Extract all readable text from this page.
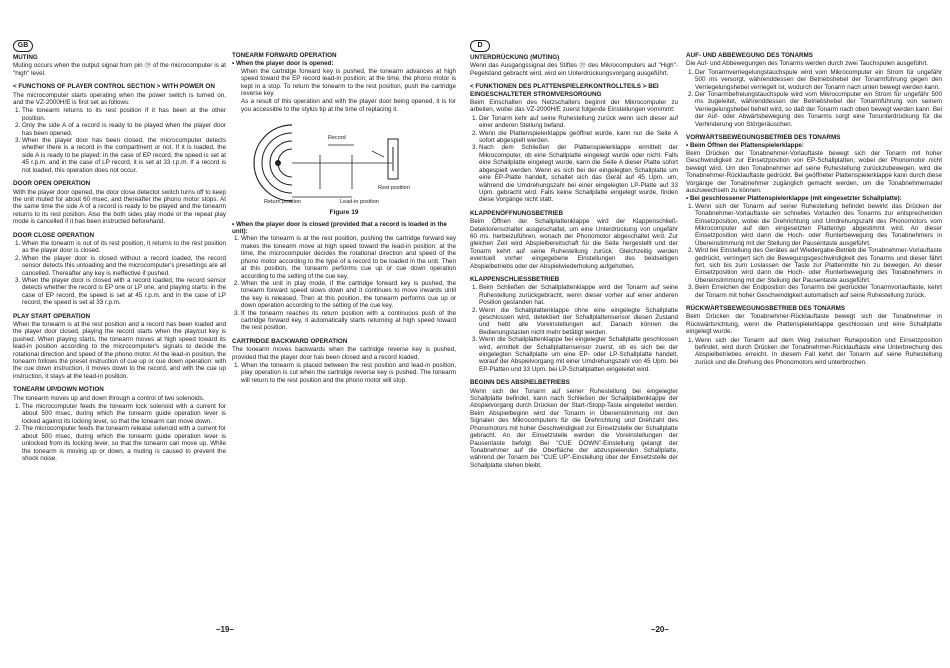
GB	D
MUTING

Muting occurs when the output signal from pin ㊴ of the microcomputer is at "high" level.

< FUNCTIONS OF PLAYER CONTROL SECTION > WITH POWER ON

The microcomputer starts operating when the power switch is turned on, and the VZ-2000H/E is first set as follows:

1. The tonearm returns to its rest position if it has been at the other position.
2. Only the side A of a record is ready to be played when the player door has been opened.
3. When the player door has been closed, the microcomputer detects whether there is a record in the compartment or not. If it is loaded, the side A is ready to be played: in the case of EP record, the speed is set at 45 r.p.m. and in the case of LP record, it is set at 33 r.p.m. If a record is not loaded, this operation does not occur.
DOOR OPEN OPERATION

With the player door opened, the door close detector switch turns off to keep the unit muted for about 60 msec, and thereafter the phono motor stops. At the same time the side A of a record is ready to be played and the tonearm returns to its rest position. Also the both sides play mode or the repeat play mode is cancelled if it has been instructed beforehand.

DOOR CLOSE OPERATION
1. When the tonearm is out of its rest position, it returns to the rest position as the player door is closed.
2. When the player door is closed without a record loaded, the record sensor detects this unloading and the microcomputer's presettings are all cancelled. Thereafter any key is ineffective if pushed.
3. When the player door is closed with a record loaded, the record sensor detects whether the record is EP one or LP one, and playing starts: in the case of EP record, the speed is set at 45 r.p.m. and in the case of LP record, the speed is set at 33 r.p.m.
PLAY START OPERATION

When the tonearm is at the rest position and a record has been loaded and the player door closed, playing the record starts when the play/cut key is pushed. When playing starts, the tonearm moves at high speed toward its lead-in position according to the microcomputer's signals to decide the rotational direction and speed of the phono motor. At the lead-in position, the tonearm follows the preset instruction of cue up or cue down operation: with the cue down instruction, it moves down to the record, and with the cue up instruction, it stays at the lead-in position.

TONEARM UP/DOWN MOTION

The tonearm moves up and down through a control of two solenoids.

1. The microcomputer feeds the tonearm lock solenoid with a current for about 500 msec, during which the tonearm guide operation lever is locked against its locking lever, so that the tonearm can move down.
2. The microcomputer feeds the tonearm release solenoid with a current for about 500 msec, during which the tonearm guide operation lever is unlocked from its locking lever, so that the tonearm can move up. While the tonearm is moving up or down, a muting is caused to prevent the shock noise.
TONEARM FORWARD OPERATION
• When the player door is opened:

When the cartridge forward key is pushed, the tonearm advances at high speed toward the EP record lead-in position; at the time, the phono motor is kept in a stop. To return the tonearm to the rest position, push the cartridge reverse key.

As a result of this operation and with the player door being opened, it is for you accessible to the stylus tip at the time of replacing it.

Record
Rest position
Return position	Lead-in position
Figure 19
• When the player door is closed (provided that a record is loaded in the unit):
1. When the tonearm is at the rest position, pushing the cartridge forward key makes the tonearm move at high speed toward the lead-in position: at the time, the microcomputer decides the rotational direction and speed of the phono motor according to the type of a record to be loaded in the unit. Then at this position, the tonearm performs cue up or cue down operation according to the setting of the cue key.
2. When the unit in play mode, if the cartridge forward key is pushed, the tonearm forward speed slows down and it continues to move inwards until the key is released. Then at this position, the tonearm performs cue up or down operation according to the setting of the cue key.
3. If the tonearm reaches its return position with a continuous push of the cartridge forward key, it automatically starts returning at high speed toward the rest position.
CARTRIDGE BACKWARD OPERATION

The tonearm moves backwards when the cartridge reverse key is pushed, provided that the player door has been closed and a record loaded.

1. When the tonearm is placed between the rest position and lead-in position, play operation is cut when the cartridge reverse key is pushed. The tonearm will return to the rest position and the phono motor will stop.
UNTERDRÜCKUNG (MUTING)

Wenn das Ausgangssignal des Stiftes ㊴ des Mikrocomputers auf "High"-Pegelstand gebracht wird, wird ein Unterdrückungsvorgang ausgeführt.

< FUNKTIONEN DES PLATTENSPIELERKONTROLLTEILS > BEI EINGESCHALTETER STROMVERSORGUNG

Beim Einschalten des Netzschalters beginnt der Mikrocomputer zu arbeiten, wobei das VZ-2000H/E zuerst folgende Einstellungen vornimmt:

1. Der Tonarm kehr auf seine Ruhestellung zurück wenn sich dieser auf einer anderen Stellung befand.
2. Wenn die Plattenspielerklappe geöffnet wurde, kann nur die Seite A sofort abgespielt werden.
3. Nach dem Schließen der Plattenspielerklappe ermittelt der Mikrocomputer, ob eine Schallplatte eingelegt wurde oder nicht. Falls eine Schallplatte eingelegt wurde, kann die Seite A dieser Platte sofort abgespielt werden. Wenn es sich bei der eingelegten Schallplatte um eine EP-Platte handelt, schaltet sich das Gerät auf 45 Upm. um, während die Umdrehungszahl bei einer eingelegten LP-Platte auf 33 Upm. gebracht wird. Falls keine Schallplatte eingelegt wurde, finden diese Vorgänge nicht statt.
KLAPPENÖFFNUNGSBETRIEB

Beim Öffnen der Schallplattenklappe wird der Klappenschließ-Detektorenschalter ausgeschaltet, um eine Unterdrückung von ungefähr 60 ms. herbeizuführen, wonach der Phonomotor abgeschaltet wird. Zur gleichen Zeit wird Abspielbereitschaft für die Seite hergestellt und der Tonarm kehrt auf seine Ruhestellung zurück. Gleichzeitig werden eventuell vorher eingegebene Einstellungen des beidseitigen Abspielbetriebs oder der Abspielwiederholung aufgehoben.

KLAPPENSCHLIESSBETRIEB
1. Beim Schließen der Schallplattenklappe wird der Tonarm auf seine Ruhestellung zurückgebracht, wenn dieser vorher auf einer anderen Position gestanden hat.
2. Wenn die Schallplattenklappe ohne eine eingelegte Schallplatte geschlossen wird, detektiert der Schallplattensensor diesen Zustand und hebt alle Voreinstellungen auf. Danach können die Bedienungstasten nicht mehr betätigt werden.
3. Wenn die Schallplattenklappe bei eingelegter Schallplatte geschlossen wird, ermittelt der Schallplattensensor zuerst, ob es sich bei der eingelegten Schallplatte um eine EP- oder LP-Schallplatte handelt, worauf der Abspielvorgang mit einer Umdrehungszahl von 45 Upm. bei EP-Platten und 33 Upm. bei LP-Schallplatten eingeleitet wird.
BEGINN DES ABSPIELBETRIEBS

Wenn sich der Tonarm auf seiner Ruhestellung bei eingelegter Schallplatte befindet, kann nach Schließen der Schallplattenklappe der Abspielvorgang durch Drücken der Start-/Stopp-Taste eingeleitet werden. Beim Abspielbeginn wird der Tonarm in Übereinstimmung mit den Signalen des Mikrocomputers für die Drehrichtung und Drehzahl des Phonomotors mit hoher Geschwindigkeit zur Einsetzstelle der Schallplatte gebracht. An der Einsetzstelle werden die Voreinstellungen der Pausentaste befolgt. Bei "CUE DOWN"-Einstellung gelangt der Tonabnehmer auf die Oberfläche der abzuspielenden Schallplatte, während der Tonarm bei "CUE UP"-Einstellung über der Einsetzstelle der Schallplatte stehen bleibt.

AUF- UND ABBEWEGUNG DES TONARMS

Die Auf- und Abbewegungen des Tonarms werden durch zwei Tauchspulen ausgeführt.

1. Der Tonarmverriegelungstauchspule wird vom Mikrocomputer ein Strom für ungefähr 500 ms versorgt, währenddessen der Betriebshebel der Tonarmführung gegen den Verriegelungshebel verriegelt ist, wodurch der Tonarm nach unten bewegt werden kann.
2. Der Tonarmbefreiungstauchspule wird vom Mikrocomputer ein Strom für ungefähr 500 ms zugeleitet, währenddessen der Betriebshebel der Tonarmführung von seinem Verriegelungshebel befreit wird, so daß der Tonarm nach oben bewegt werden kann. Bei der Auf- oder Abwärtsbewegung des Tonarms sorgt eine Tonunterdrückung für die Verhinderung von Störgeräuschen.
VORWÄRTSBEWEGUNGSBETRIEB DES TONARMS
• Beim Öffnen der Plattenspielerklappe:

Beim Drücken der Tonabnehmer-Vorlauftaste bewegt sich der Tonarm mit hoher Geschwindigkeit zur Einsetzposition von EP-Schallplatten, wobei der Phonomotor nicht bewegt wird. Um den Tonabnehmer auf seine Ruhestellung zurückzubewegen, wird die Tonabnehmer-Rücklauftaste gedrückt. Bei geöffneter Plattenspielerklappe kann durch diese Vorgänge der Tonabnehmer zugänglich gemacht werden, um die Tonabnehmernadel auszuwechseln zu können.

• Bei geschlossener Plattenspielerklappe (mit eingesetzter Schallplatte):
1. Wenn sich der Tonarm auf seiner Ruhestellung befindet bewirkt das Drücken der Tonabnehmer-Vorlauftaste ein schnelles Vorlaufen des Tonarms zur entsprechenden Einsetzposition, wobei die Drehrichtung und Umdrehungszahl des Phonomotors vom Mikrocomputer auf den eingesetzten Plattentyp abgestimmt wird. An dieser Einsetzposition wird dann die Hoch- oder Runterbewegung des Tonabnehmers in Übereinstimmung mit der Stellung der Pausentaste ausgeführt.
2. Wird bei Einstellung des Gerätes auf Wiedergabe-Betrieb die Tonabnehmer-Vorlauftaste gedrückt, verringert sich die Bewegungsgeschwindigkeit des Tonarms und dieser fährt fort, sich bis zum Loslassen der Taste zur Plattenmitte hin zu bewegen. An dieser Einsetzposition wird dann die Hoch- oder Runterbewegung des Tonabnehmers in Übereinstimmung mit der Stellung der Pausentaste ausgeführt.
3. Beim Erreichen der Endposition des Tonarms bei gedrückter Tonarmvorlauftaste, kehrt der Tonarm mit hoher Geschwindigkeit automatisch auf seine Ruhestellung zurück.
RÜCKWÄRTSBEWEGUNGSBETRIEB DES TONARMS

Beim Drücken der Tonabnehmer-Rücklauftaste bewegt sich der Tonabnehmer in Rückwärtsrichtung, wenn die Plattenspielerklappe geschlossen und eine Schallplatte eingelegt wurde.

1. Wenn sich der Tonarm auf dem Weg zwischen Ruheposition und Einsetzposition befindet, wird durch Drücken der Tonabnehmer-Rücklauftaste eine Unterbrechung des Abspielbetriebes erreicht. In diesem Fall kehrt der Tonarm auf seine Ruhestellung zurück und die Drehung des Phonomotors wird unterbrochen.
–19–	–20–
